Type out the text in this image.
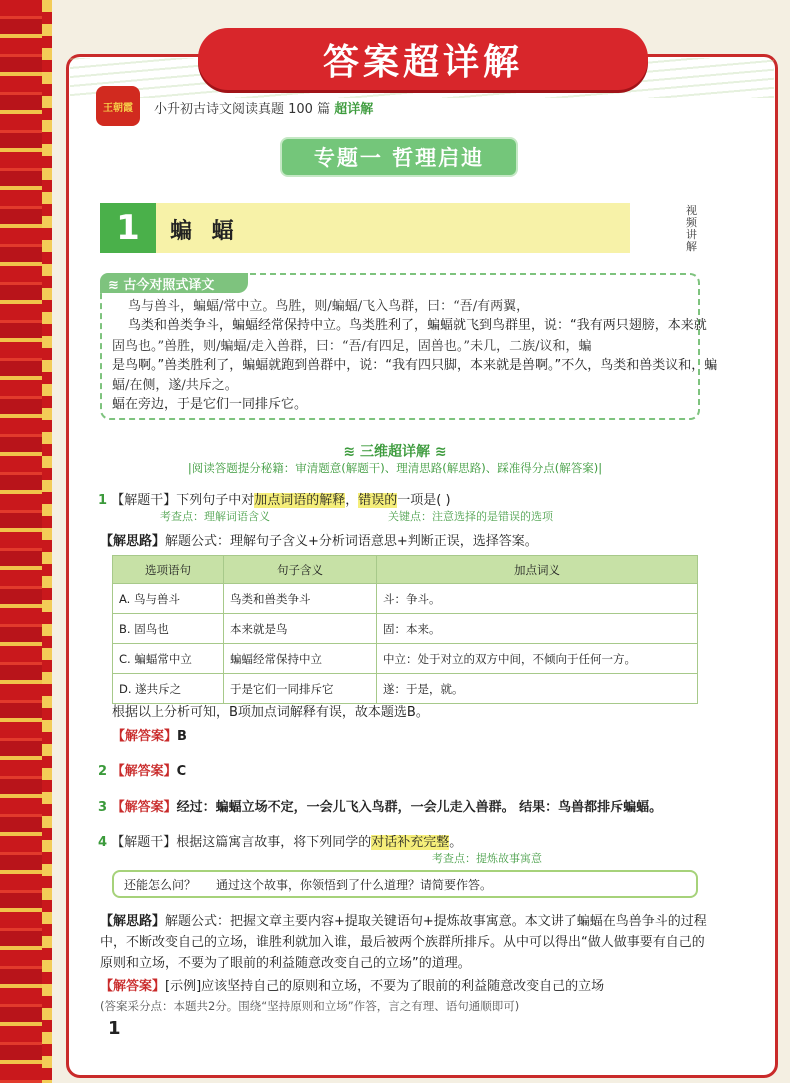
答案超详解
王朝霞 小升初古诗文阅读真题 100 篇 超详解
专题一 哲理启迪
1	蝙 蝠
视频讲解
≋ 古今对照式译文
鸟与兽斗，蝙蝠/常中立。鸟胜，则/蝙蝠/飞入鸟群，曰：“吾/有两翼，
鸟类和兽类争斗，蝙蝠经常保持中立。鸟类胜利了，蝙蝠就飞到鸟群里，说：“我有两只翅膀，本来就
固鸟也。”兽胜，则/蝙蝠/走入兽群，曰：“吾/有四足，固兽也。”未几，二族/议和，蝙
是鸟啊。”兽类胜利了，蝙蝠就跑到兽群中，说：“我有四只脚，本来就是兽啊。”不久，鸟类和兽类议和，蝙
蝠/在侧，遂/共斥之。
蝠在旁边，于是它们一同排斥它。
≋ 三维超详解 ≋
|阅读答题提分秘籍：审清题意(解题干)、理清思路(解思路)、踩准得分点(解答案)|
1 【解题干】下列句子中对加点词语的解释，错误的一项是( )
考查点：理解词语含义	关键点：注意选择的是错误的选项
【解思路】解题公式：理解句子含义+分析词语意思+判断正误，选择答案。
选项语句	句子含义	加点词义
A. 鸟与兽斗	鸟类和兽类争斗	斗：争斗。
B. 固鸟也	本来就是鸟	固：本来。
C. 蝙蝠常中立	蝙蝠经常保持中立	中立：处于对立的双方中间，不倾向于任何一方。
D. 遂共斥之	于是它们一同排斥它	遂：于是，就。
根据以上分析可知，B项加点词解释有误，故本题选B。
【解答案】B
2 【解答案】C
3 【解答案】经过：蝙蝠立场不定，一会儿飞入鸟群，一会儿走入兽群。 结果：鸟兽都排斥蝙蝠。
4 【解题干】根据这篇寓言故事，将下列同学的对话补充完整。
考查点：提炼故事寓意
还能怎么问？	通过这个故事，你领悟到了什么道理？请简要作答。
【解思路】解题公式：把握文章主要内容+提取关键语句+提炼故事寓意。本文讲了蝙蝠在鸟兽争斗的过程
中，不断改变自己的立场，谁胜利就加入谁，最后被两个族群所排斥。从中可以得出“做人做事要有自己的
原则和立场，不要为了眼前的利益随意改变自己的立场”的道理。
【解答案】[示例]应该坚持自己的原则和立场，不要为了眼前的利益随意改变自己的立场
(答案采分点：本题共2分。围绕“坚持原则和立场”作答，言之有理、语句通顺即可)
1
